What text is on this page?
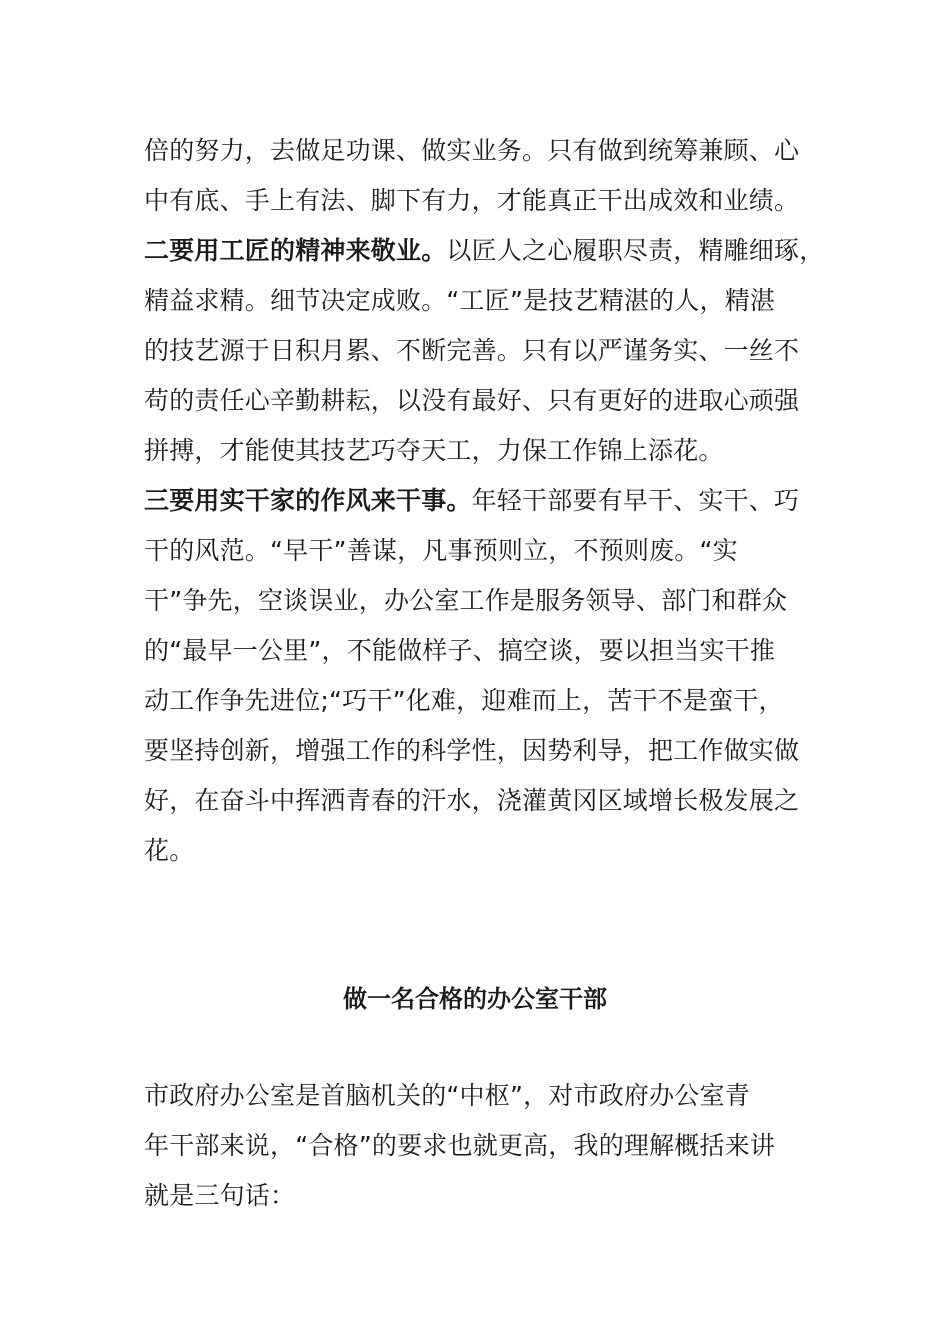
倍的努力，去做足功课、做实业务。只有做到统筹兼顾、心
中有底、手上有法、脚下有力，才能真正干出成效和业绩。
二要用工匠的精神来敬业。以匠人之心履职尽责，精雕细琢，
精益求精。细节决定成败。“工匠”是技艺精湛的人，精湛
的技艺源于日积月累、不断完善。只有以严谨务实、一丝不
苟的责任心辛勤耕耘，以没有最好、只有更好的进取心顽强
拼搏，才能使其技艺巧夺天工，力保工作锦上添花。
三要用实干家的作风来干事。年轻干部要有早干、实干、巧
干的风范。“早干”善谋，凡事预则立，不预则废。“实
干”争先，空谈误业，办公室工作是服务领导、部门和群众
的“最早一公里”，不能做样子、搞空谈，要以担当实干推
动工作争先进位;“巧干”化难，迎难而上，苦干不是蛮干，
要坚持创新，增强工作的科学性，因势利导，把工作做实做
好，在奋斗中挥洒青春的汗水，浇灌黄冈区域增长极发展之
花。
做一名合格的办公室干部
市政府办公室是首脑机关的“中枢”，对市政府办公室青
年干部来说，“合格”的要求也就更高，我的理解概括来讲
就是三句话：
